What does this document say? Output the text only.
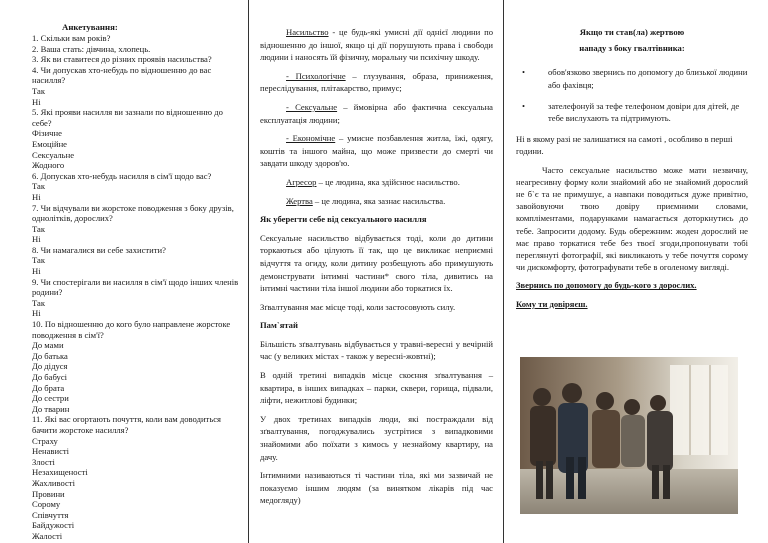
Анкетування:

1. Скільки вам років?

2. Ваша стать: дівчина, хлопець.

3. Як ви ставитеся до різних проявів насильства?

4. Чи допускав хто-небудь по відношенню до вас насилля?

Так

Ні

5. Які прояви насилля ви зазнали по відношенню до себе?

Фізичне

Емоційне

Сексуальне

Жодного

6. Допускав хто-небудь насилля в сім'ї щодо вас?

Так

Ні

7. Чи відчували ви жорстоке поводження з боку друзів, однолітків, дорослих?

Так

Ні

8. Чи намагалися ви себе захистити?

Так

Ні

9. Чи спостерігали ви насилля в сім'ї щодо інших членів родини?

Так

Ні

10. По відношенню до кого було направлене жорстоке поводження в сім'ї?

До мами

До батька

До дідуся

До бабусі

До брата

До сестри

До тварин

11. Які вас огортають почуття, коли вам доводиться бачити жорстоке насилля?

Страху

Ненависті

Злості

Незахищеності

Жахливості

Провини

Сорому

Співчуття

Байдужості

Жалості

Насильство - це будь-які умисні дії однієї людини по відношенню до іншої, якщо ці дії порушують права і свободи людини і наносять їй фізичну, моральну чи психічну шкоду.

- Психологічне – глузування, образа, приниження, переслідування, плітакарство, примус;

- Сексуальне – ймовірна або фактична сексуальна експлуатація людини;

- Економічне – умисне позбавлення житла, їжі, одягу, коштів та іншого майна, що може призвести до смерті чи завдати шкоду здоров'ю.

Агресор – це людина, яка здійснює насильство.

Жертва – це людина, яка зазнає насильства.

Як уберегти себе від сексуального насилля

Сексуальне насильство відбувається тоді, коли до дитини торкаються або цілують її так, що це викликає неприємні відчуття та огиду, коли дитину розбещують або примушують демонструвати інтимні частини* свого тіла, дивитись на інтимні частини тіла іншої людини або торкатися їх.

Зґвалтування має місце тоді, коли застосовують силу.

Пам`ятай

Більшість зґвалтувань відбувається у травні-вересні у вечірній час (у великих містах - також у вересні-жовтні);

В одній третині випадків місце скоєння зґвалтування – квартира, в інших випадках – парки, сквери, горища, підвали, ліфти, нежитлові будинки;

У двох третинах випадків люди, які постраждали від зґвалтування, погоджувались зустрітися з випадковими знайомими або поїхати з кимось у незнайому квартиру, на дачу.

Інтимними називаються ті частини тіла, які ми зазвичай не показуємо іншим людям (за винятком лікарів під час медогляду)

Якщо ти став(ла) жертвою

нападу з боку гвалтівника:

•	обов'язково звернись по допомогу до близької людини або фахівця;
•	зателефонуй за тефе телефоном довіри для дітей, де тебе вислухають та підтримують.

Ні в якому разі не залишатися на самоті , особливо в перші години.

Часто сексуальне насильство може мати незвичну, неагресивну форму коли знайомий або не знайомий дорослий не б`є та не примушує, а навпаки поводиться дуже привітно, завойовуючи твою довіру приємними словами, компліментами, подарунками намагається доторкнутись до тебе. Запросити додому. Будь обережним: жоден дорослий не має право торкатися тебе без твоєї згоди,пропонувати тобі переглянуті фотографії, які викликають у тебе почуття сорому чи дискомфорту, фотографувати тебе в оголеному вигляді.

Звернись по допомогу до будь-кого з дорослих.

Кому ти довіряєш.
